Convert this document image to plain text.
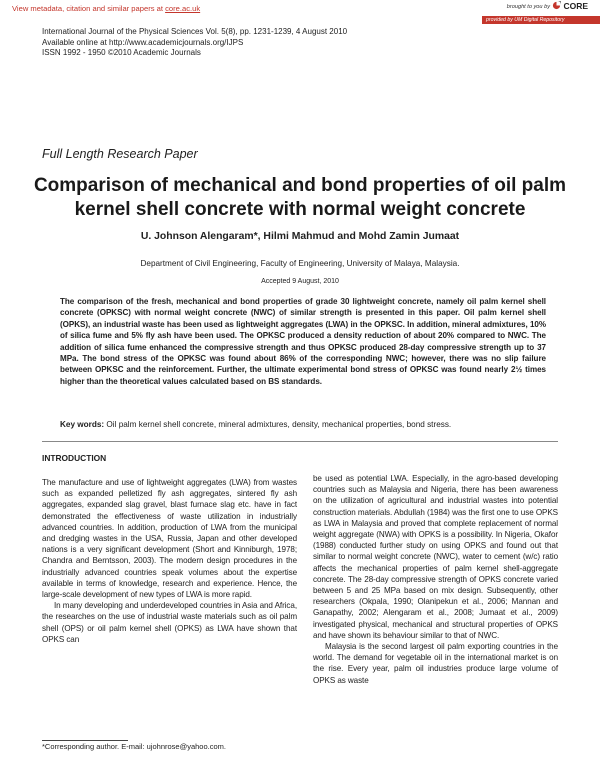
View metadata, citation and similar papers at core.ac.uk	brought to you by	CORE
provided by UM Digital Repository
International Journal of the Physical Sciences Vol. 5(8), pp. 1231-1239, 4 August 2010
Available online at http://www.academicjournals.org/IJPS
ISSN 1992 - 1950 ©2010 Academic Journals
Full Length Research Paper
Comparison of mechanical and bond properties of oil palm kernel shell concrete with normal weight concrete
U. Johnson Alengaram*, Hilmi Mahmud and Mohd Zamin Jumaat
Department of Civil Engineering, Faculty of Engineering, University of Malaya, Malaysia.
Accepted 9 August, 2010
The comparison of the fresh, mechanical and bond properties of grade 30 lightweight concrete, namely oil palm kernel shell concrete (OPKSC) with normal weight concrete (NWC) of similar strength is presented in this paper. Oil palm kernel shell (OPKS), an industrial waste has been used as lightweight aggregates (LWA) in the OPKSC. In addition, mineral admixtures, 10% of silica fume and 5% fly ash have been used. The OPKSC produced a density reduction of about 20% compared to NWC. The addition of silica fume enhanced the compressive strength and thus OPKSC produced 28-day compressive strength up to 37 MPa. The bond stress of the OPKSC was found about 86% of the corresponding NWC; however, there was no slip failure between OPKSC and the reinforcement. Further, the ultimate experimental bond stress of OPKSC was found nearly 2½ times higher than the theoretical values calculated based on BS standards.
Key words: Oil palm kernel shell concrete, mineral admixtures, density, mechanical properties, bond stress.
INTRODUCTION

The manufacture and use of lightweight aggregates (LWA) from wastes such as expanded pelletized fly ash aggregates, sintered fly ash aggregates, expanded slag gravel, blast furnace slag etc. have in fact demonstrated the effectiveness of waste utilization in industrially advanced countries. In addition, production of LWA from the municipal and dredging wastes in the USA, Russia, Japan and other developed nations is a very significant development (Short and Kinniburgh, 1978; Chandra and Berntsson, 2003). The modern design procedures in the industrially advanced countries speak volumes about the expertise available in terms of knowledge, research and experience. Hence, the large-scale development of new types of LWA is more rapid.

In many developing and underdeveloped countries in Asia and Africa, the researches on the use of industrial waste materials such as oil palm shell (OPS) or oil palm kernel shell (OPKS) as LWA have shown that OPKS can

be used as potential LWA. Especially, in the agro-based developing countries such as Malaysia and Nigeria, there has been awareness on the utilization of agricultural and industrial wastes into potential construction materials. Abdullah (1984) was the first one to use OPKS as LWA in Malaysia and proved that complete replacement of normal weight aggregate (NWA) with OPKS is a possibility. In Nigeria, Okafor (1988) conducted further study on using OPKS and found out that similar to normal weight concrete (NWC), water to cement (w/c) ratio affects the mechanical properties of palm kernel shell-aggregate concrete. The 28-day compressive strength of OPKS concrete varied between 5 and 25 MPa based on mix design. Subsequently, other researchers (Okpala, 1990; Olanipekun et al., 2006; Mannan and Ganapathy, 2002; Alengaram et al., 2008; Jumaat et al., 2009) investigated physical, mechanical and structural properties of OPKS and have shown its behaviour similar to that of NWC.

Malaysia is the second largest oil palm exporting countries in the world. The demand for vegetable oil in the international market is on the rise. Every year, palm oil industries produce large volume of OPKS as waste

*Corresponding author. E-mail: ujohnrose@yahoo.com.
